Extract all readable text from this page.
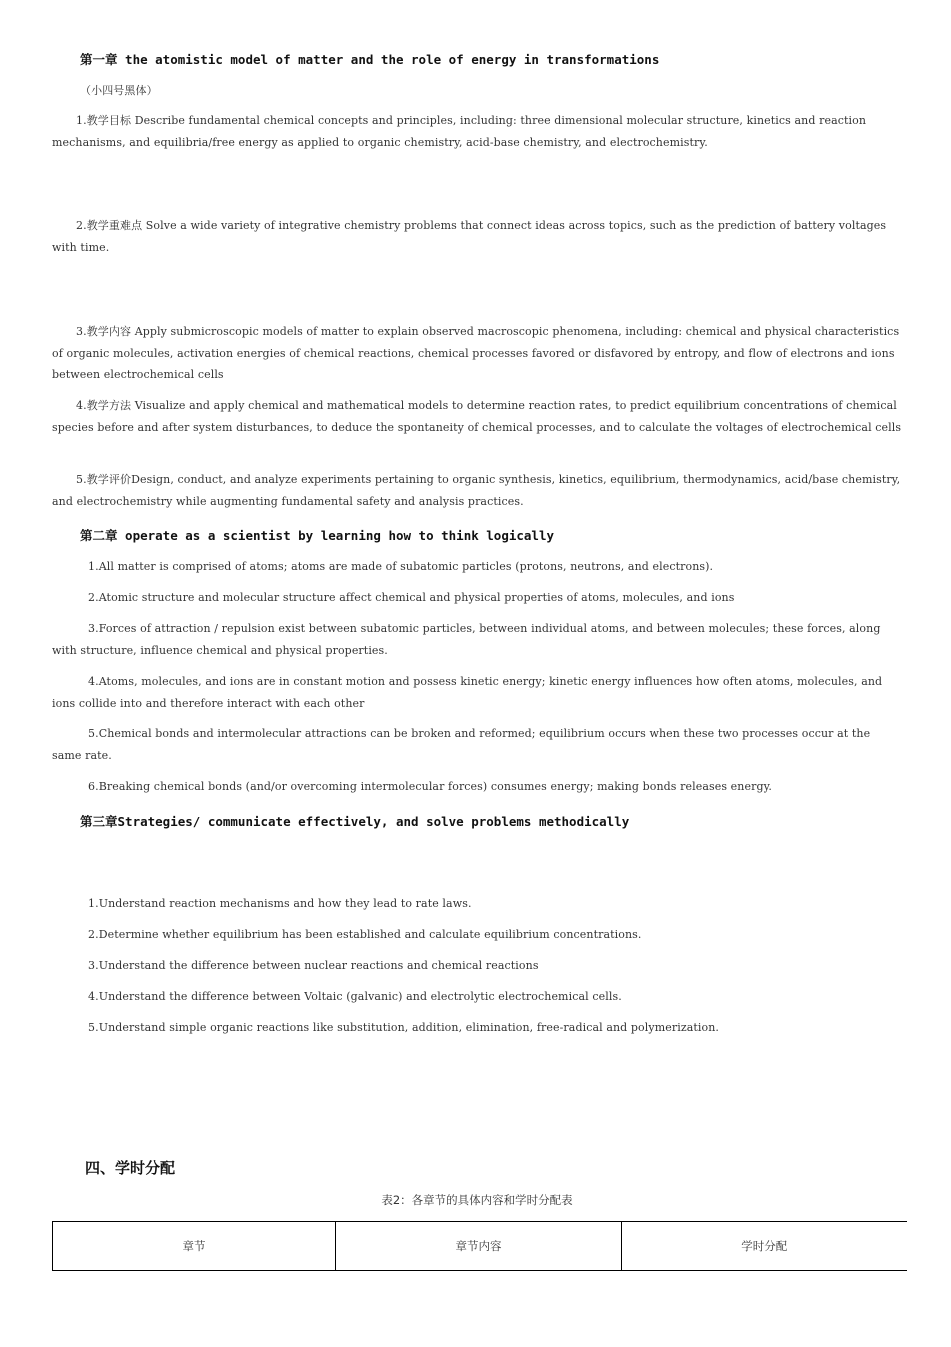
第一章 the atomistic model of matter and the role of energy in transformations
（小四号黑体）
1.教学目标 Describe fundamental chemical concepts and principles, including: three dimensional molecular structure, kinetics and reaction mechanisms, and equilibria/free energy as applied to organic chemistry, acid-base chemistry, and electrochemistry.
2.教学重难点 Solve a wide variety of integrative chemistry problems that connect ideas across topics, such as the prediction of battery voltages with time.
3.教学内容 Apply submicroscopic models of matter to explain observed macroscopic phenomena, including: chemical and physical characteristics of organic molecules, activation energies of chemical reactions, chemical processes favored or disfavored by entropy, and flow of electrons and ions between electrochemical cells
4.教学方法 Visualize and apply chemical and mathematical models to determine reaction rates, to predict equilibrium concentrations of chemical species before and after system disturbances, to deduce the spontaneity of chemical processes, and to calculate the voltages of electrochemical cells
5.教学评价Design, conduct, and analyze experiments pertaining to organic synthesis, kinetics, equilibrium, thermodynamics, acid/base chemistry, and electrochemistry while augmenting fundamental safety and analysis practices.
第二章 operate as a scientist by learning how to think logically
1.All matter is comprised of atoms; atoms are made of subatomic particles (protons, neutrons, and electrons).
2.Atomic structure and molecular structure affect chemical and physical properties of atoms, molecules, and ions
3.Forces of attraction / repulsion exist between subatomic particles, between individual atoms, and between molecules; these forces, along with structure, influence chemical and physical properties.
4.Atoms, molecules, and ions are in constant motion and possess kinetic energy; kinetic energy influences how often atoms, molecules, and ions collide into and therefore interact with each other
5.Chemical bonds and intermolecular attractions can be broken and reformed; equilibrium occurs when these two processes occur at the same rate.
6.Breaking chemical bonds (and/or overcoming intermolecular forces) consumes energy; making bonds releases energy.
第三章Strategies/ communicate effectively, and solve problems methodically
1.Understand reaction mechanisms and how they lead to rate laws.
2.Determine whether equilibrium has been established and calculate equilibrium concentrations.
3.Understand the difference between nuclear reactions and chemical reactions
4.Understand the difference between Voltaic (galvanic) and electrolytic electrochemical cells.
5.Understand simple organic reactions like substitution, addition, elimination, free-radical and polymerization.
四、学时分配
表2：各章节的具体内容和学时分配表
章节	章节内容	学时分配
